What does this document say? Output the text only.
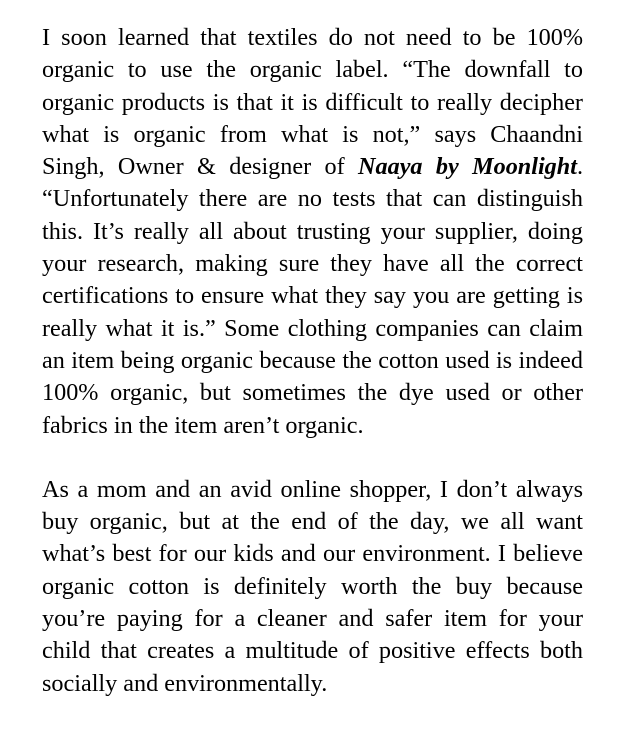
I soon learned that textiles do not need to be 100% organic to use the organic label. “The downfall to organic products is that it is difficult to really decipher what is organic from what is not,” says Chaandni Singh, Owner & designer of Naaya by Moonlight. “Unfortunately there are no tests that can distinguish this. It’s really all about trusting your supplier, doing your research, making sure they have all the correct certifications to ensure what they say you are getting is really what it is.” Some clothing companies can claim an item being organic because the cotton used is indeed 100% organic, but sometimes the dye used or other fabrics in the item aren’t organic.

As a mom and an avid online shopper, I don’t always buy organic, but at the end of the day, we all want what’s best for our kids and our environment. I believe organic cotton is definitely worth the buy because you’re paying for a cleaner and safer item for your child that creates a multitude of positive effects both socially and environmentally.
